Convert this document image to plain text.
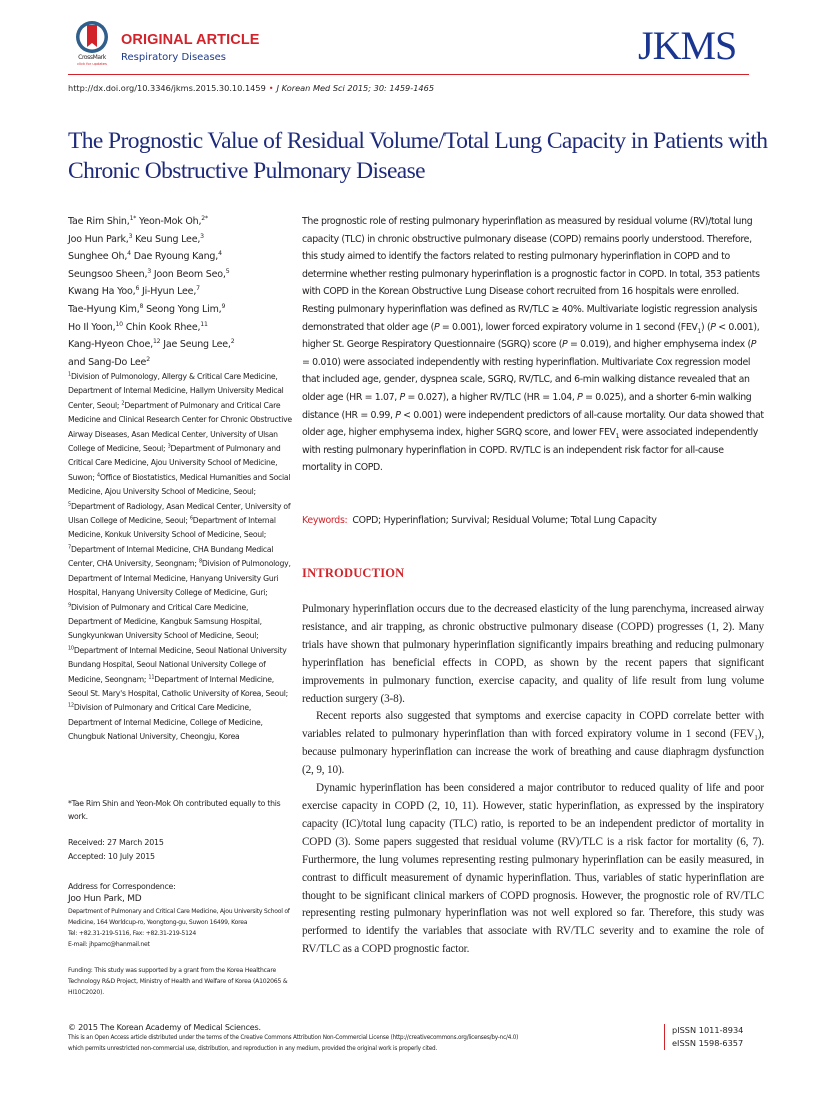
CrossMark
click for updates
ORIGINAL ARTICLE
Respiratory Diseases	JKMS
http://dx.doi.org/10.3346/jkms.2015.30.10.1459 • J Korean Med Sci 2015; 30: 1459-1465
The Prognostic Value of Residual Volume/Total Lung Capacity in Patients with Chronic Obstructive Pulmonary Disease
Tae Rim Shin,$^{1*}$ Yeon-Mok Oh,$^{2*}$
Joo Hun Park,$^3$ Keu Sung Lee,$^3$
Sunghee Oh,$^4$ Dae Ryoung Kang,$^4$
Seungsoo Sheen,$^3$ Joon Beom Seo,$^5$
Kwang Ha Yoo,$^6$ Ji-Hyun Lee,$^7$
Tae-Hyung Kim,$^8$ Seong Yong Lim,$^9$
Ho Il Yoon,$^{10}$ Chin Kook Rhee,$^{11}$
Kang-Hyeon Choe,$^{12}$ Jae Seung Lee,$^2$
and Sang-Do Lee$^2$
$^1$Division of Pulmonology, Allergy & Critical Care Medicine, Department of Internal Medicine, Hallym University Medical Center, Seoul; $^2$Department of Pulmonary and Critical Care Medicine and Clinical Research Center for Chronic Obstructive Airway Diseases, Asan Medical Center, University of Ulsan College of Medicine, Seoul; $^3$Department of Pulmonary and Critical Care Medicine, Ajou University School of Medicine, Suwon; $^4$Office of Biostatistics, Medical Humanities and Social Medicine, Ajou University School of Medicine, Seoul; $^5$Department of Radiology, Asan Medical Center, University of Ulsan College of Medicine, Seoul; $^6$Department of Internal Medicine, Konkuk University School of Medicine, Seoul; $^7$Department of Internal Medicine, CHA Bundang Medical Center, CHA University, Seongnam; $^8$Division of Pulmonology, Department of Internal Medicine, Hanyang University Guri Hospital, Hanyang University College of Medicine, Guri; $^9$Division of Pulmonary and Critical Care Medicine, Department of Medicine, Kangbuk Samsung Hospital, Sungkyunkwan University School of Medicine, Seoul; $^{10}$Department of Internal Medicine, Seoul National University Bundang Hospital, Seoul National University College of Medicine, Seongnam; $^{11}$Department of Internal Medicine, Seoul St. Mary's Hospital, Catholic University of Korea, Seoul; $^{12}$Division of Pulmonary and Critical Care Medicine, Department of Internal Medicine, College of Medicine, Chungbuk National University, Cheongju, Korea
*Tae Rim Shin and Yeon-Mok Oh contributed equally to this work.
Received: 27 March 2015
Accepted: 10 July 2015
Address for Correspondence:
Joo Hun Park, MD
Department of Pulmonary and Critical Care Medicine, Ajou University School of Medicine, 164 Worldcup-ro, Yeongtong-gu, Suwon 16499, Korea
Tel: +82.31-219-5116, Fax: +82.31-219-5124
E-mail: jhpamc@hanmail.net
Funding: This study was supported by a grant from the Korea Healthcare Technology R&D Project, Ministry of Health and Welfare of Korea (A102065 & HI10C2020).
The prognostic role of resting pulmonary hyperinflation as measured by residual volume (RV)/total lung capacity (TLC) in chronic obstructive pulmonary disease (COPD) remains poorly understood. Therefore, this study aimed to identify the factors related to resting pulmonary hyperinflation in COPD and to determine whether resting pulmonary hyperinflation is a prognostic factor in COPD. In total, 353 patients with COPD in the Korean Obstructive Lung Disease cohort recruited from 16 hospitals were enrolled. Resting pulmonary hyperinflation was defined as RV/TLC ≥ 40%. Multivariate logistic regression analysis demonstrated that older age (P = 0.001), lower forced expiratory volume in 1 second $(FEV_1) (P < 0.001)$, higher St. George Respiratory Questionnaire (SGRQ) score (P = 0.019), and higher emphysema index (P = 0.010) were associated independently with resting hyperinflation. Multivariate Cox regression model that included age, gender, dyspnea scale, SGRQ, RV/TLC, and 6-min walking distance revealed that an older age (HR = 1.07, P = 0.027), a higher RV/TLC (HR = 1.04, P = 0.025), and a shorter 6-min walking distance (HR = 0.99, P < 0.001) were independent predictors of all-cause mortality. Our data showed that older age, higher emphysema index, higher SGRQ score, and lower $FEV_1$ were associated independently with resting pulmonary hyperinflation in COPD. RV/TLC is an independent risk factor for all-cause mortality in COPD.
Keywords: COPD; Hyperinflation; Survival; Residual Volume; Total Lung Capacity
INTRODUCTION

Pulmonary hyperinflation occurs due to the decreased elasticity of the lung parenchyma, increased airway resistance, and air trapping, as chronic obstructive pulmonary disease (COPD) progresses (1, 2). Many trials have shown that pulmonary hyperinflation significantly impairs breathing and reducing pulmonary hyperinflation has beneficial effects in COPD, as shown by the recent papers that significant improvements in pulmonary function, exercise capacity, and quality of life result from lung volume reduction surgery (3-8).

Recent reports also suggested that symptoms and exercise capacity in COPD correlate better with variables related to pulmonary hyperinflation than with forced expiratory volume in 1 second $(FEV_1)$, because pulmonary hyperinflation can increase the work of breathing and cause diaphragm dysfunction (2, 9, 10).

Dynamic hyperinflation has been considered a major contributor to reduced quality of life and poor exercise capacity in COPD (2, 10, 11). However, static hyperinflation, as expressed by the inspiratory capacity (IC)/total lung capacity (TLC) ratio, is reported to be an independent predictor of mortality in COPD (3). Some papers suggested that residual volume (RV)/TLC is a risk factor for mortality (6, 7). Furthermore, the lung volumes representing resting pulmonary hyperinflation can be easily measured, in contrast to difficult measurement of dynamic hyperinflation. Thus, variables of static hyperinflation are thought to be significant clinical markers of COPD prognosis. However, the prognostic role of RV/TLC representing resting pulmonary hyperinflation was not well explored so far. Therefore, this study was performed to identify the variables that associate with RV/TLC severity and to examine the role of RV/TLC as a COPD prognostic factor.

© 2015 The Korean Academy of Medical Sciences.
This is an Open Access article distributed under the terms of the Creative Commons Attribution Non-Commercial License (http://creativecommons.org/licenses/by-nc/4.0)
which permits unrestricted non-commercial use, distribution, and reproduction in any medium, provided the original work is properly cited.
pISSN 1011-8934
eISSN 1598-6357
